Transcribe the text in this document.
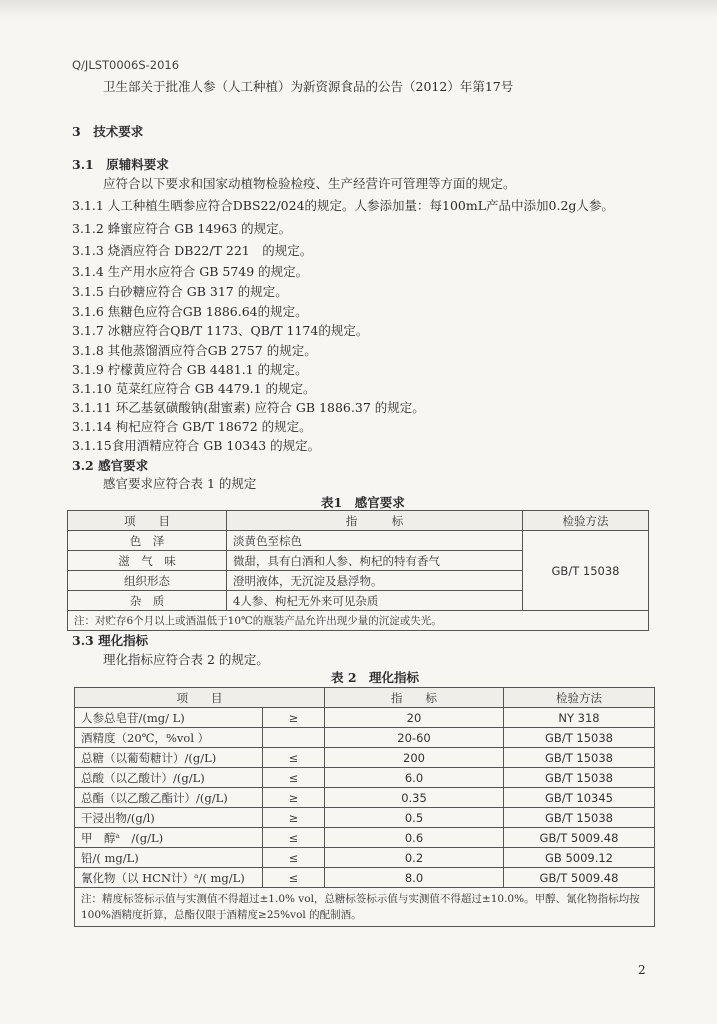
Q/JLST0006S-2016
卫生部关于批准人参（人工种植）为新资源食品的公告（2012）年第17号
3　技术要求
3.1　原辅料要求
应符合以下要求和国家动植物检验检疫、生产经营许可管理等方面的规定。
3.1.1 人工种植生晒参应符合DBS22/024的规定。人参添加量：每100mL产品中添加0.2g人参。
3.1.2 蜂蜜应符合 GB 14963 的规定。
3.1.3 烧酒应符合 DB22/T 221　的规定。
3.1.4 生产用水应符合 GB 5749 的规定。
3.1.5 白砂糖应符合 GB 317 的规定。
3.1.6 焦糖色应符合GB 1886.64的规定。
3.1.7 冰糖应符合QB/T 1173、QB/T 1174的规定。
3.1.8 其他蒸馏酒应符合GB 2757 的规定。
3.1.9 柠檬黄应符合 GB 4481.1 的规定。
3.1.10 苋菜红应符合 GB 4479.1 的规定。
3.1.11 环乙基氨磺酸钠(甜蜜素) 应符合 GB 1886.37 的规定。
3.1.14 枸杞应符合 GB/T 18672 的规定。
3.1.15食用酒精应符合 GB 10343 的规定。
3.2 感官要求
感官要求应符合表 1 的规定
表1　感官要求
项　　目	指　　　标	检验方法
色　泽	淡黄色至棕色	GB/T 15038
滋　气　味	微甜，具有白酒和人参、枸杞的特有香气	
组织形态	澄明液体，无沉淀及悬浮物。	
杂　质	4人参、枸杞无外来可见杂质	
注：对贮存6个月以上或酒温低于10℃的瓶装产品允许出现少量的沉淀或失光。		
3.3 理化指标
理化指标应符合表 2 的规定。
表 2　理化指标
项　　目		指　　标	检验方法
人参总皂苷/(mg/ L)	≥	20	NY 318
酒精度（20℃，%vol ）		20-60	GB/T 15038
总糖（以葡萄糖计）/(g/L)	≤	200	GB/T 15038
总酸（以乙酸计）/(g/L)	≤	6.0	GB/T 15038
总酯（以乙酸乙酯计）/(g/L)	≥	0.35	GB/T 10345
干浸出物/(g/l)	≥	0.5	GB/T 15038
甲　醇ᵃ　/(g/L)	≤	0.6	GB/T 5009.48
铅/( mg/L)	≤	0.2	GB 5009.12
氰化物（以 HCN计）ᵃ/( mg/L)	≤	8.0	GB/T 5009.48
注：精度标签标示值与实测值不得超过±1.0% vol，总糖标签标示值与实测值不得超过±10.0%。甲醇、氰化物指标均按 100%酒精度折算，总酯仅限于酒精度≥25%vol 的配制酒。			
2
